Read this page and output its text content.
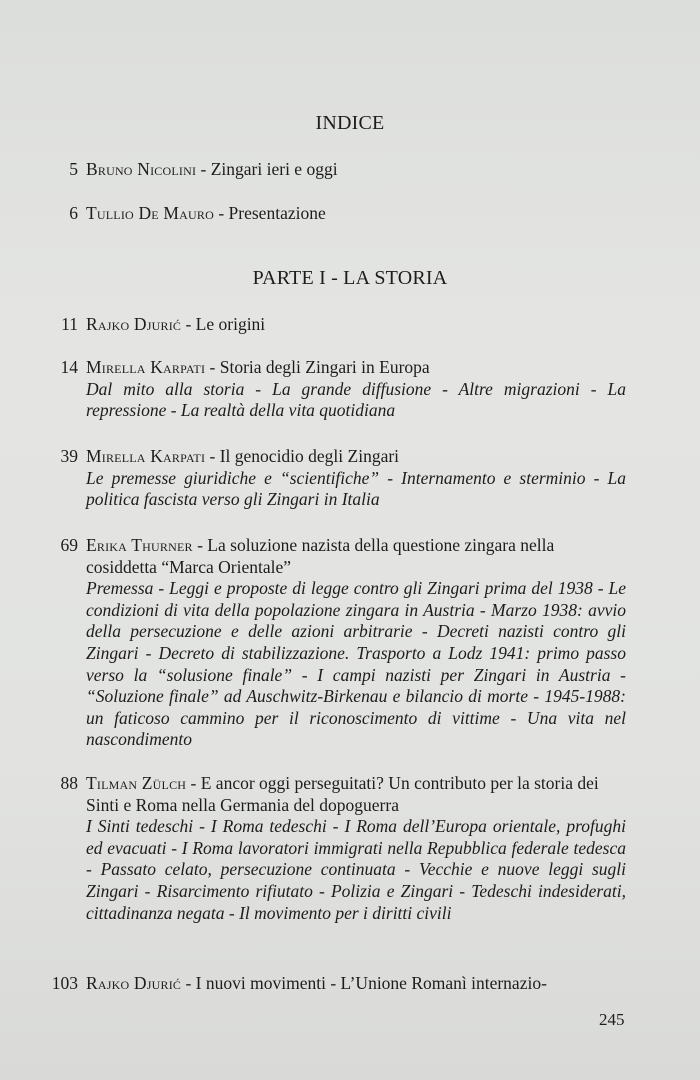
INDICE
5 Bruno Nicolini - Zingari ieri e oggi
6 Tullio De Mauro - Presentazione
PARTE I - LA STORIA
11 Rajko Djurić - Le origini
14 Mirella Karpati - Storia degli Zingari in Europa
Dal mito alla storia - La grande diffusione - Altre migrazioni - La repressione - La realtà della vita quotidiana
39 Mirella Karpati - Il genocidio degli Zingari
Le premesse giuridiche e “scientifiche” - Internamento e sterminio - La politica fascista verso gli Zingari in Italia
69 Erika Thurner - La soluzione nazista della questione zingara nella cosiddetta “Marca Orientale”
Premessa - Leggi e proposte di legge contro gli Zingari prima del 1938 - Le condizioni di vita della popolazione zingara in Austria - Marzo 1938: avvio della persecuzione e delle azioni arbitrarie - Decreti nazisti contro gli Zingari - Decreto di stabilizzazione. Trasporto a Lodz 1941: primo passo verso la “solusione finale” - I campi nazisti per Zingari in Austria - “Soluzione finale” ad Auschwitz-Birkenau e bilancio di morte - 1945-1988: un faticoso cammino per il riconoscimento di vittime - Una vita nel nascondimento
88 Tilman Zülch - E ancor oggi perseguitati? Un contributo per la storia dei Sinti e Roma nella Germania del dopoguerra
I Sinti tedeschi - I Roma tedeschi - I Roma dell’Europa orientale, profughi ed evacuati - I Roma lavoratori immigrati nella Repubblica federale tedesca - Passato celato, persecuzione continuata - Vecchie e nuove leggi sugli Zingari - Risarcimento rifiutato - Polizia e Zingari - Tedeschi indesiderati, cittadinanza negata - Il movimento per i diritti civili
103 Rajko Djurić - I nuovi movimenti - L’Unione Romanì internazio-
245
